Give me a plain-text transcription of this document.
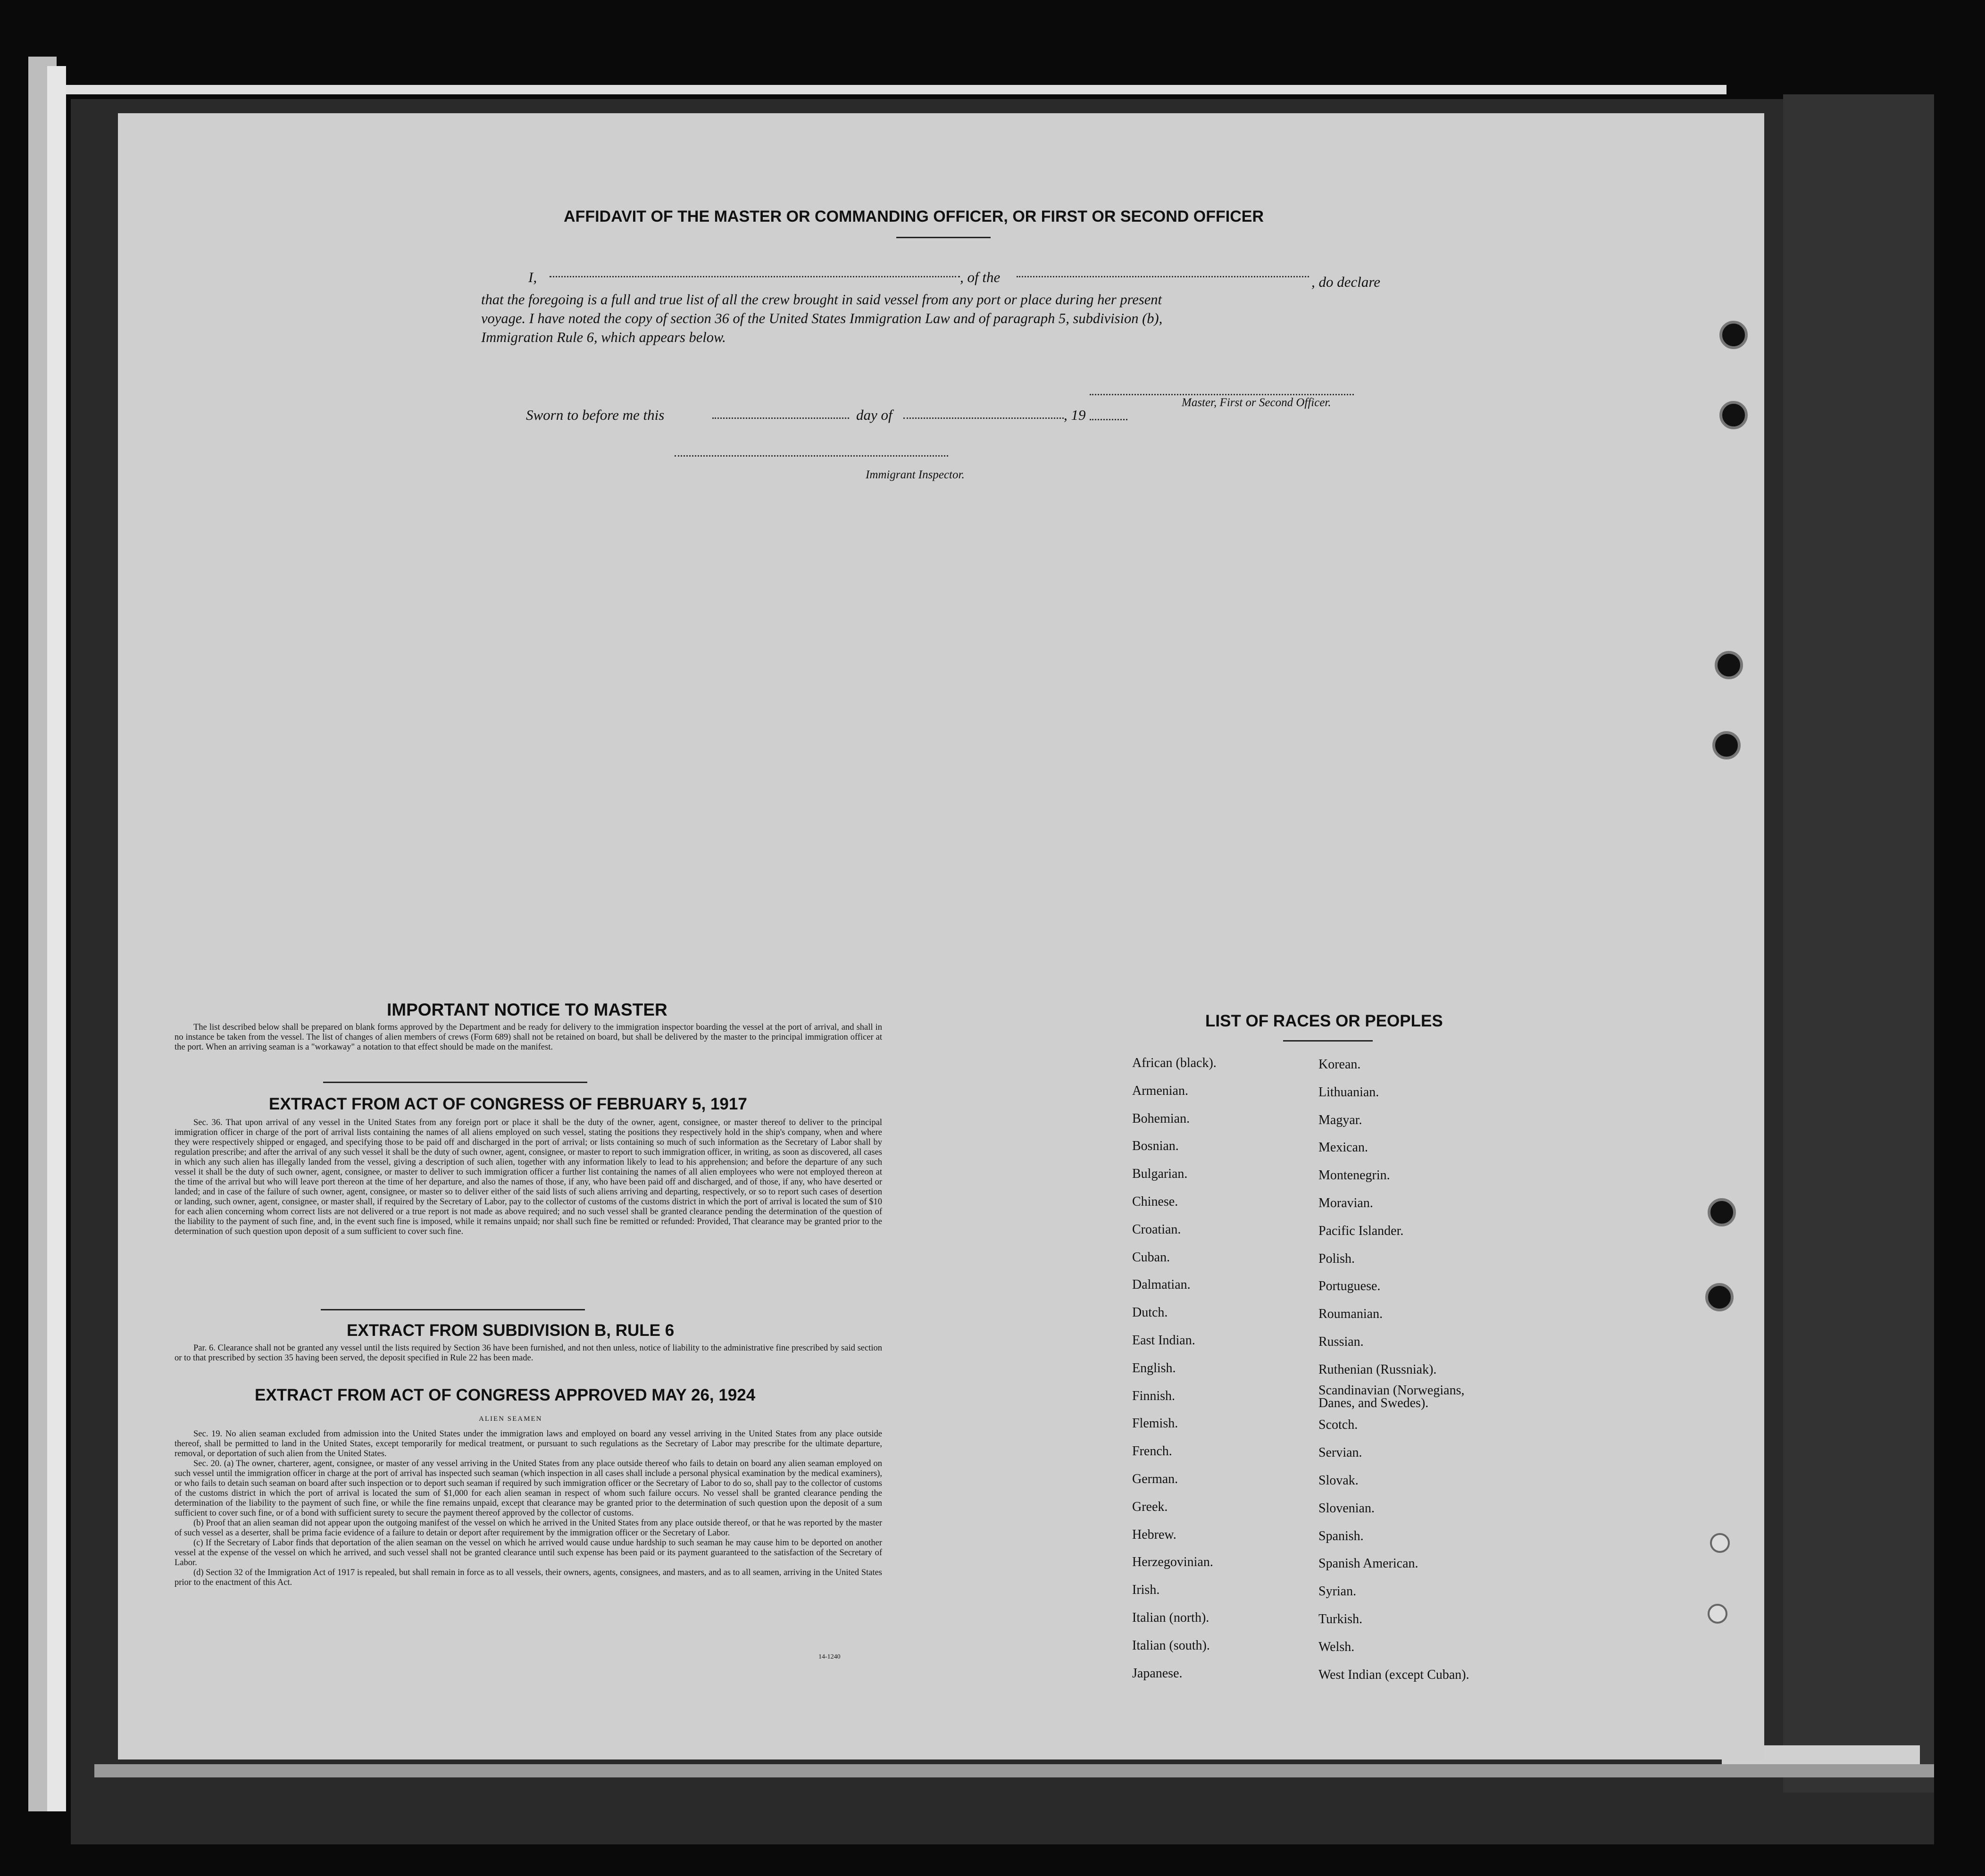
AFFIDAVIT OF THE MASTER OR COMMANDING OFFICER, OR FIRST OR SECOND OFFICER
I,	, of the	, do declare
that the foregoing is a full and true list of all the crew brought in said vessel from any port or place during her present
voyage. I have noted the copy of section 36 of the United States Immigration Law and of paragraph 5, subdivision (b),
Immigration Rule 6, which appears below.
Master, First or Second Officer.
Sworn to before me this	day of	, 19
Immigrant Inspector.
IMPORTANT NOTICE TO MASTER

The list described below shall be prepared on blank forms approved by the Department and be ready for delivery to the immigration inspector boarding the vessel at the port of arrival, and shall in no instance be taken from the vessel. The list of changes of alien members of crews (Form 689) shall not be retained on board, but shall be delivered by the master to the principal immigration officer at the port. When an arriving seaman is a "workaway" a notation to that effect should be made on the manifest.

EXTRACT FROM ACT OF CONGRESS OF FEBRUARY 5, 1917

Sec. 36. That upon arrival of any vessel in the United States from any foreign port or place it shall be the duty of the owner, agent, consignee, or master thereof to deliver to the principal immigration officer in charge of the port of arrival lists containing the names of all aliens employed on such vessel, stating the positions they respectively hold in the ship's company, when and where they were respectively shipped or engaged, and specifying those to be paid off and discharged in the port of arrival; or lists containing so much of such information as the Secretary of Labor shall by regulation prescribe; and after the arrival of any such vessel it shall be the duty of such owner, agent, consignee, or master to report to such immigration officer, in writing, as soon as discovered, all cases in which any such alien has illegally landed from the vessel, giving a description of such alien, together with any information likely to lead to his apprehension; and before the departure of any such vessel it shall be the duty of such owner, agent, consignee, or master to deliver to such immigration officer a further list containing the names of all alien employees who were not employed thereon at the time of the arrival but who will leave port thereon at the time of her departure, and also the names of those, if any, who have been paid off and discharged, and of those, if any, who have deserted or landed; and in case of the failure of such owner, agent, consignee, or master so to deliver either of the said lists of such aliens arriving and departing, respectively, or so to report such cases of desertion or landing, such owner, agent, consignee, or master shall, if required by the Secretary of Labor, pay to the collector of customs of the customs district in which the port of arrival is located the sum of $10 for each alien concerning whom correct lists are not delivered or a true report is not made as above required; and no such vessel shall be granted clearance pending the determination of the question of the liability to the payment of such fine, and, in the event such fine is imposed, while it remains unpaid; nor shall such fine be remitted or refunded: Provided, That clearance may be granted prior to the determination of such question upon deposit of a sum sufficient to cover such fine.

EXTRACT FROM SUBDIVISION B, RULE 6

Par. 6. Clearance shall not be granted any vessel until the lists required by Section 36 have been furnished, and not then unless, notice of liability to the administrative fine prescribed by said section or to that prescribed by section 35 having been served, the deposit specified in Rule 22 has been made.

EXTRACT FROM ACT OF CONGRESS APPROVED MAY 26, 1924
ALIEN SEAMEN

Sec. 19. No alien seaman excluded from admission into the United States under the immigration laws and employed on board any vessel arriving in the United States from any place outside thereof, shall be permitted to land in the United States, except temporarily for medical treatment, or pursuant to such regulations as the Secretary of Labor may prescribe for the ultimate departure, removal, or deportation of such alien from the United States.

Sec. 20. (a) The owner, charterer, agent, consignee, or master of any vessel arriving in the United States from any place outside thereof who fails to detain on board any alien seaman employed on such vessel until the immigration officer in charge at the port of arrival has inspected such seaman (which inspection in all cases shall include a personal physical examination by the medical examiners), or who fails to detain such seaman on board after such inspection or to deport such seaman if required by such immigration officer or the Secretary of Labor to do so, shall pay to the collector of customs of the customs district in which the port of arrival is located the sum of $1,000 for each alien seaman in respect of whom such failure occurs. No vessel shall be granted clearance pending the determination of the liability to the payment of such fine, or while the fine remains unpaid, except that clearance may be granted prior to the determination of such question upon the deposit of a sum sufficient to cover such fine, or of a bond with sufficient surety to secure the payment thereof approved by the collector of customs.

(b) Proof that an alien seaman did not appear upon the outgoing manifest of the vessel on which he arrived in the United States from any place outside thereof, or that he was reported by the master of such vessel as a deserter, shall be prima facie evidence of a failure to detain or deport after requirement by the immigration officer or the Secretary of Labor.

(c) If the Secretary of Labor finds that deportation of the alien seaman on the vessel on which he arrived would cause undue hardship to such seaman he may cause him to be deported on another vessel at the expense of the vessel on which he arrived, and such vessel shall not be granted clearance until such expense has been paid or its payment guaranteed to the satisfaction of the Secretary of Labor.

(d) Section 32 of the Immigration Act of 1917 is repealed, but shall remain in force as to all vessels, their owners, agents, consignees, and masters, and as to all seamen, arriving in the United States prior to the enactment of this Act.

14-1240
LIST OF RACES OR PEOPLES
African (black).
Armenian.
Bohemian.
Bosnian.
Bulgarian.
Chinese.
Croatian.
Cuban.
Dalmatian.
Dutch.
East Indian.
English.
Finnish.
Flemish.
French.
German.
Greek.
Hebrew.
Herzegovinian.
Irish.
Italian (north).
Italian (south).
Japanese.
Korean.
Lithuanian.
Magyar.
Mexican.
Montenegrin.
Moravian.
Pacific Islander.
Polish.
Portuguese.
Roumanian.
Russian.
Ruthenian (Russniak).
Scandinavian (Norwegians, Danes, and Swedes).
Scotch.
Servian.
Slovak.
Slovenian.
Spanish.
Spanish American.
Syrian.
Turkish.
Welsh.
West Indian (except Cuban).
